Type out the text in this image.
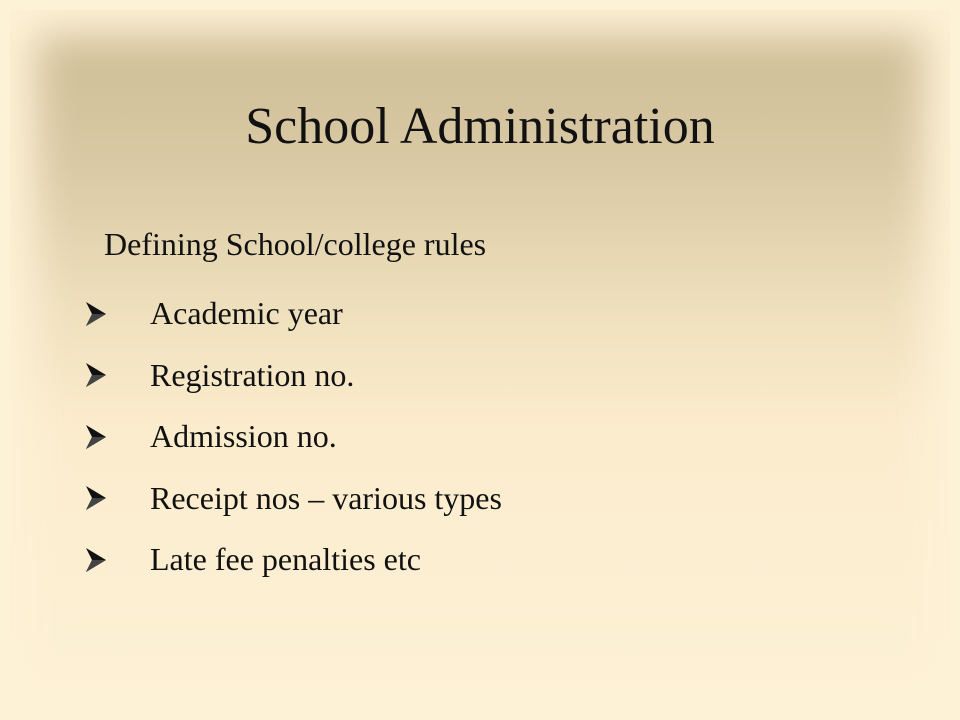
School Administration
Defining School/college rules
Academic year
Registration no.
Admission no.
Receipt nos – various types
Late fee penalties etc
